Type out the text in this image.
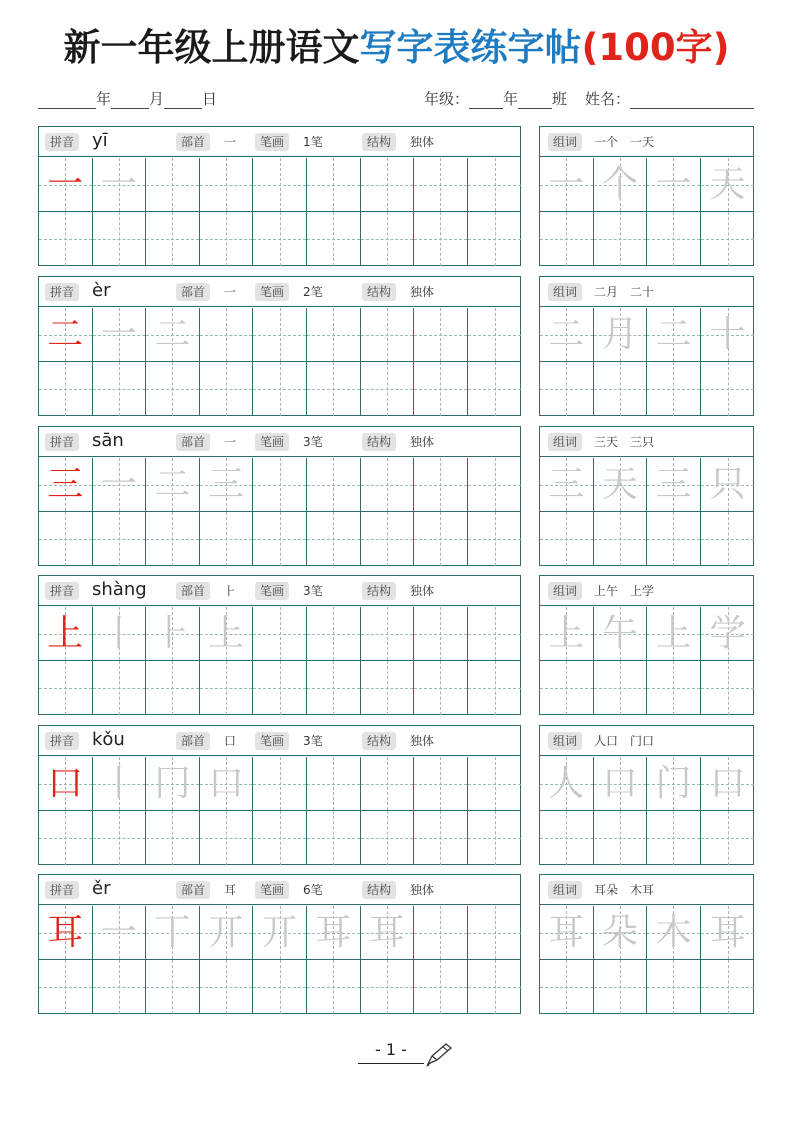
新一年级上册语文写字表练字帖(100字)
年	月	日	年级： 年 班 姓名：
拼音 yī	部首	一	笔画	1笔	结构	独体
一 一
组词	一个　一天
一 个 一 天
拼音 èr	部首	一	笔画	2笔	结构	独体
二 一 二
组词	二月　二十
二 月 二 十
拼音 sān	部首	一	笔画	3笔	结构	独体
三 一 二 三
组词	三天　三只
三 天 三 只
拼音 shàng	部首	⺊	笔画	3笔	结构	独体
上 丨 ⺊ 上
组词	上午　上学
上 午 上 学
拼音 kǒu	部首	口	笔画	3笔	结构	独体
口 丨 冂 口
组词	人口　门口
人 口 门 口
拼音 ěr	部首	耳	笔画	6笔	结构	独体
耳 一 丅 丌 丌 耳 耳
组词	耳朵　木耳
耳 朵 木 耳
- 1 -
